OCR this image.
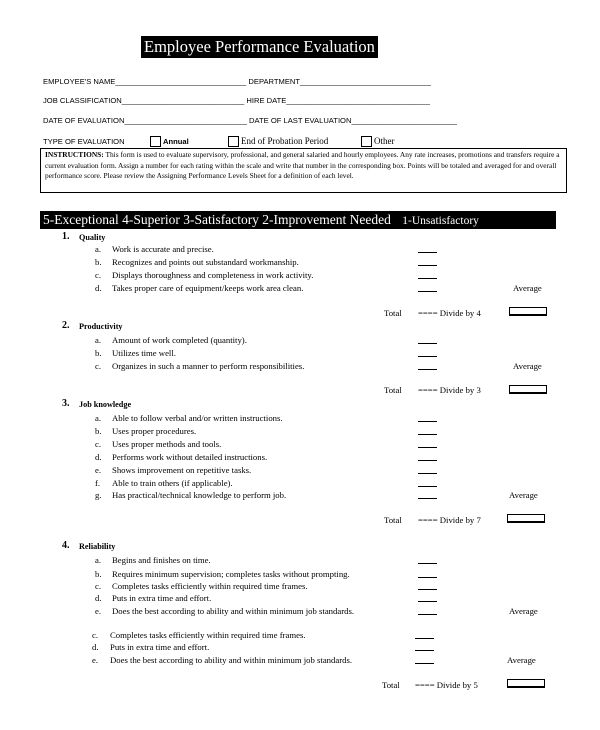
Employee Performance Evaluation
EMPLOYEE'S NAME_______________________________ DEPARTMENT_______________________________
JOB CLASSIFICATION_____________________________ HIRE DATE__________________________________
DATE OF EVALUATION_____________________________ DATE OF LAST EVALUATION_________________________
TYPE OF EVALUATION	Annual	End of Probation Period	Other
INSTRUCTIONS: This form is used to evaluate supervisory, professional, and general salaried and hourly employees. Any rate increases, promotions and transfers require a current evaluation form. Assign a number for each rating within the scale and write that number in the corresponding box. Points will be totaled and averaged for and overall performance score. Please review the Assigning Performance Levels Sheet for a definition of each level.
5-Exceptional 4-Superior 3-Satisfactory 2-Improvement Needed 1-Unsatisfactory
1. Quality
a. Work is accurate and precise.
b. Recognizes and points out substandard workmanship.
c. Displays thoroughness and completeness in work activity.
d. Takes proper care of equipment/keeps work area clean.	Average
Total ==== Divide by 4
2. Productivity
a. Amount of work completed (quantity).
b. Utilizes time well.
c. Organizes in such a manner to perform responsibilities.	Average
Total ==== Divide by 3
3. Job knowledge
a. Able to follow verbal and/or written instructions.
b. Uses proper procedures.
c. Uses proper methods and tools.
d. Performs work without detailed instructions.
e. Shows improvement on repetitive tasks.
f. Able to train others (if applicable).
g. Has practical/technical knowledge to perform job.	Average
Total ==== Divide by 7
4. Reliability
a. Begins and finishes on time.
b. Requires minimum supervision; completes tasks without prompting.
c. Completes tasks efficiently within required time frames.
d. Puts in extra time and effort.
e. Does the best according to ability and within minimum job standards.	Average
c. Completes tasks efficiently within required time frames.
d. Puts in extra time and effort.
e. Does the best according to ability and within minimum job standards.	Average
Total ==== Divide by 5
